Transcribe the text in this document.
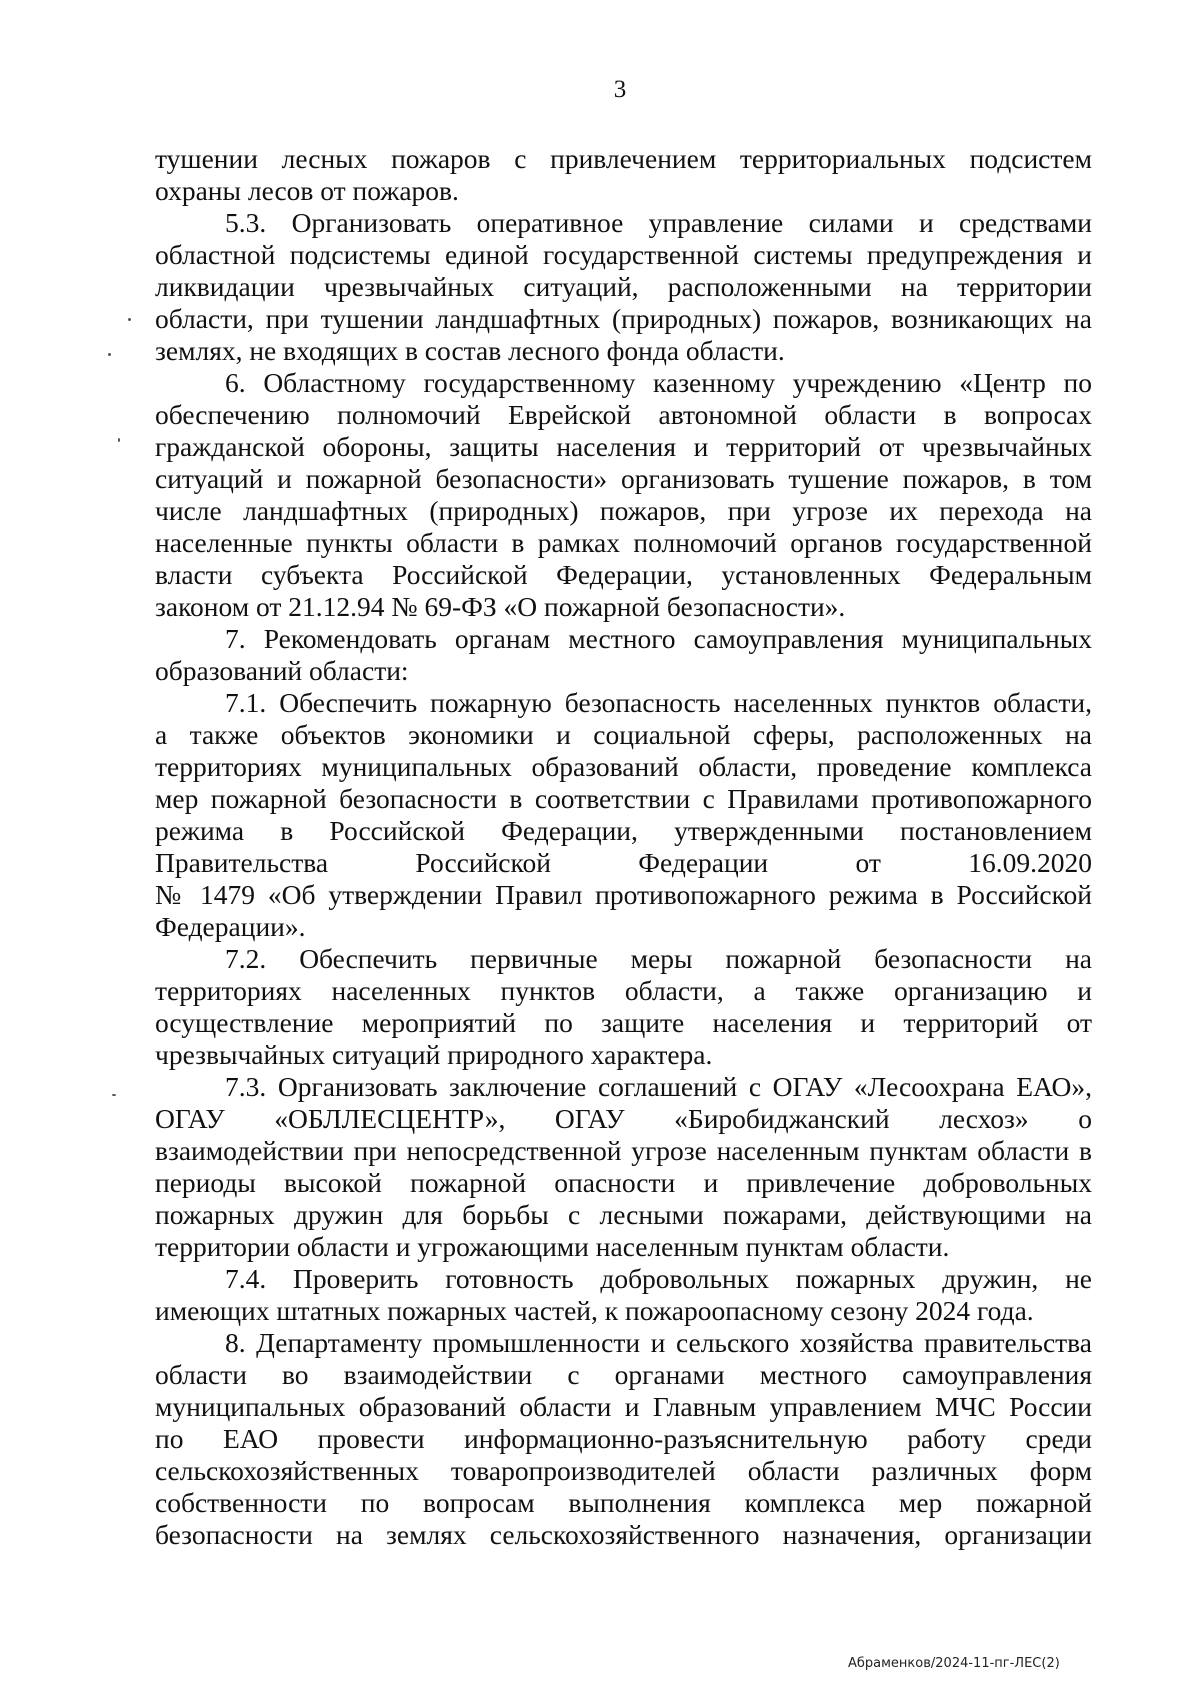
3
тушении лесных пожаров с привлечением территориальных подсистем
охраны лесов от пожаров.
5.3. Организовать оперативное управление силами и средствами
областной подсистемы единой государственной системы предупреждения и
ликвидации чрезвычайных ситуаций, расположенными на территории
области, при тушении ландшафтных (природных) пожаров, возникающих на
землях, не входящих в состав лесного фонда области.
6. Областному государственному казенному учреждению «Центр по
обеспечению полномочий Еврейской автономной области в вопросах
гражданской обороны, защиты населения и территорий от чрезвычайных
ситуаций и пожарной безопасности» организовать тушение пожаров, в том
числе ландшафтных (природных) пожаров, при угрозе их перехода на
населенные пункты области в рамках полномочий органов государственной
власти субъекта Российской Федерации, установленных Федеральным
законом от 21.12.94 № 69-ФЗ «О пожарной безопасности».
7. Рекомендовать органам местного самоуправления муниципальных
образований области:
7.1. Обеспечить пожарную безопасность населенных пунктов области,
а также объектов экономики и социальной сферы, расположенных на
территориях муниципальных образований области, проведение комплекса
мер пожарной безопасности в соответствии с Правилами противопожарного
режима в Российской Федерации, утвержденными постановлением
Правительства Российской Федерации от 16.09.2020
№ 1479 «Об утверждении Правил противопожарного режима в Российской
Федерации».
7.2. Обеспечить первичные меры пожарной безопасности на
территориях населенных пунктов области, а также организацию и
осуществление мероприятий по защите населения и территорий от
чрезвычайных ситуаций природного характера.
7.3. Организовать заключение соглашений с ОГАУ «Лесоохрана ЕАО»,
ОГАУ «ОБЛЛЕСЦЕНТР», ОГАУ «Биробиджанский лесхоз» о
взаимодействии при непосредственной угрозе населенным пунктам области в
периоды высокой пожарной опасности и привлечение добровольных
пожарных дружин для борьбы с лесными пожарами, действующими на
территории области и угрожающими населенным пунктам области.
7.4. Проверить готовность добровольных пожарных дружин, не
имеющих штатных пожарных частей, к пожароопасному сезону 2024 года.
8. Департаменту промышленности и сельского хозяйства правительства
области во взаимодействии с органами местного самоуправления
муниципальных образований области и Главным управлением МЧС России
по ЕАО провести информационно-разъяснительную работу среди
сельскохозяйственных товаропроизводителей области различных форм
собственности по вопросам выполнения комплекса мер пожарной
безопасности на землях сельскохозяйственного назначения, организации
Абраменков/2024-11-пг-ЛЕС(2)
